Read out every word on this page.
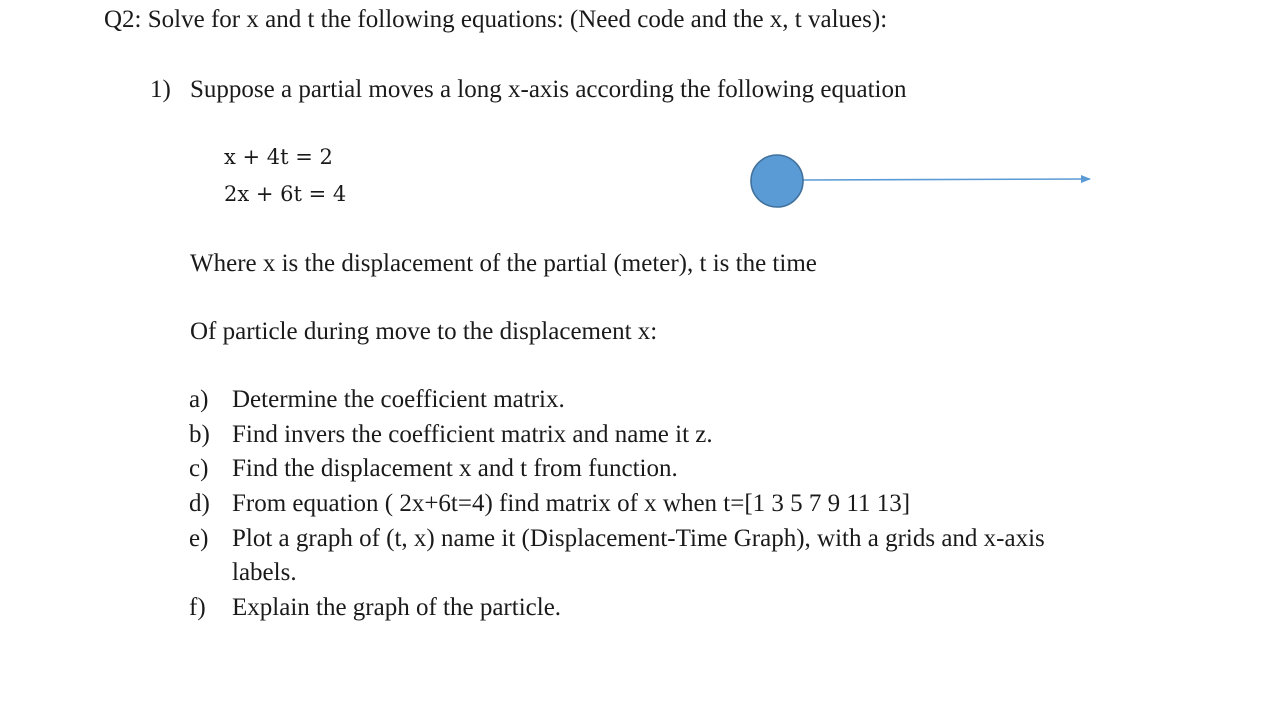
Q2: Solve for x and t the following equations: (Need code and the x, t values):
1) Suppose a partial moves a long x-axis according the following equation
x + 4t = 2
2x + 6t = 4
Where x is the displacement of the partial (meter), t is the time
Of particle during move to the displacement x:
a) Determine the coefficient matrix.
b) Find invers the coefficient matrix and name it z.
c) Find the displacement x and t from function.
d) From equation ( 2x+6t=4) find matrix of x when t=[1 3 5 7 9 11 13]
e) Plot a graph of (t, x) name it (Displacement-Time Graph), with a grids and x-axis
labels.
f) Explain the graph of the particle.
